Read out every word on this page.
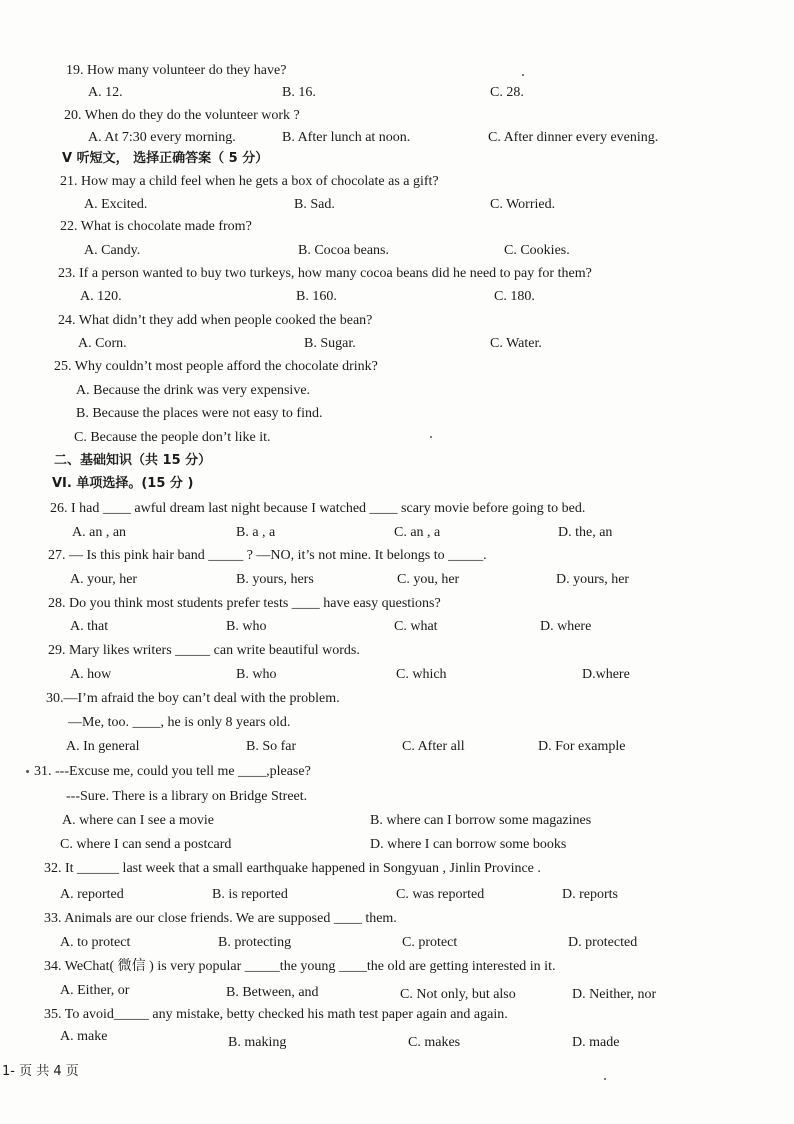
19. How many volunteer do they have?
A. 12.	B. 16.	C. 28.
20. When do they do the volunteer work ?
A. At 7:30 every morning.	B. After lunch at noon.	C. After dinner every evening.
V 听短文， 选择正确答案（ 5 分）
21. How may a child feel when he gets a box of chocolate as a gift?
A. Excited.	B. Sad.	C. Worried.
22. What is chocolate made from?
A. Candy.	B. Cocoa beans.	C. Cookies.
23. If a person wanted to buy two turkeys, how many cocoa beans did he need to pay for them?
A. 120.	B. 160.	C. 180.
24. What didn’t they add when people cooked the bean?
A. Corn.	B. Sugar.	C. Water.
25. Why couldn’t most people afford the chocolate drink?
A. Because the drink was very expensive.
B. Because the places were not easy to find.
C. Because the people don’t like it.
二、基础知识（共 15 分）
VI. 单项选择。(15 分 )
26. I had ____ awful dream last night because I watched ____ scary movie before going to bed.
A. an , an	B. a , a	C. an , a	D. the, an
27. — Is this pink hair band _____ ? —NO, it’s not mine. It belongs to _____.
A. your, her	B. yours, hers	C. you, her	D. yours, her
28. Do you think most students prefer tests ____ have easy questions?
A. that	B. who	C. what	D. where
29. Mary likes writers _____ can write beautiful words.
A. how	B. who	C. which	D.where
30.—I’m afraid the boy can’t deal with the problem.
—Me, too. ____, he is only 8 years old.
A. In general	B. So far	C. After all	D. For example
31. ---Excuse me, could you tell me ____,please?
---Sure. There is a library on Bridge Street.
A. where can I see a movie	B. where can I borrow some magazines
C. where I can send a postcard	D. where I can borrow some books
32. It ______ last week that a small earthquake happened in Songyuan , Jinlin Province .
A. reported	B. is reported	C. was reported	D. reports
33. Animals are our close friends. We are supposed ____ them.
A. to protect	B. protecting	C. protect	D. protected
34. WeChat( 微信 ) is very popular _____the young ____the old are getting interested in it.
A. Either, or	B. Between, and	C. Not only, but also	D. Neither, nor
35. To avoid_____ any mistake, betty checked his math test paper again and again.
A. make	B. making	C. makes	D. made
1- 页 共 4 页
